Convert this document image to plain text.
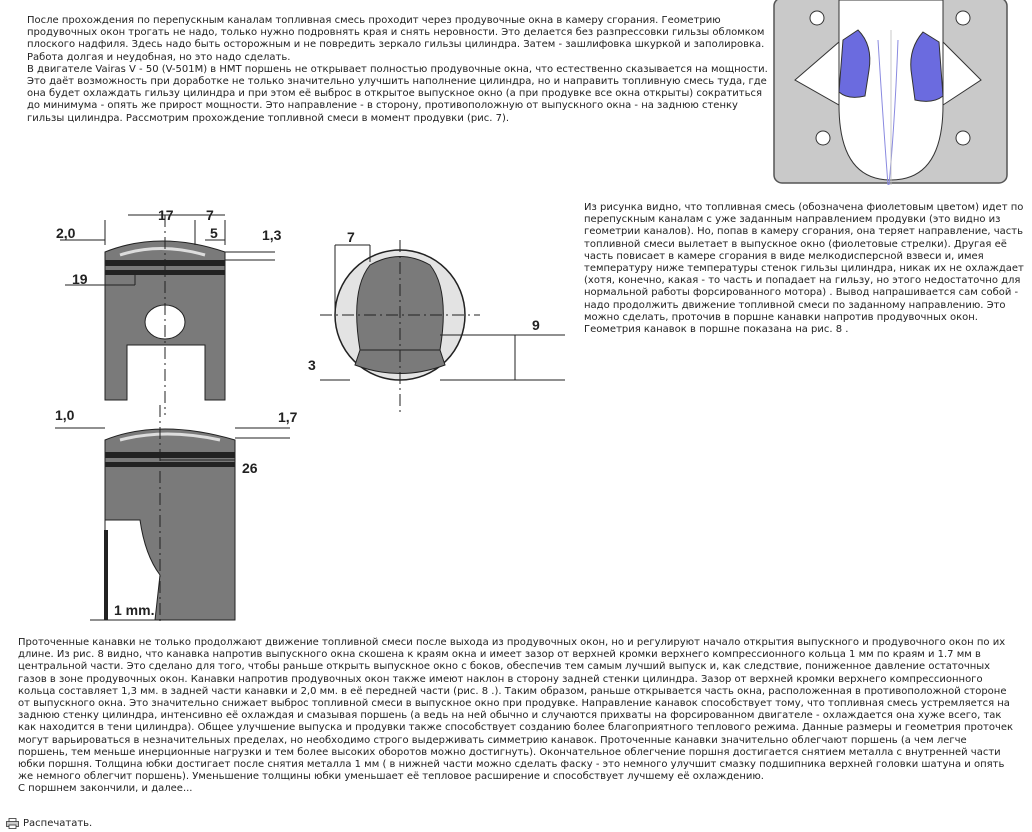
После прохождения по перепускным каналам топливная смесь проходит через продувочные окна в камеру сгорания. Геометрию продувочных окон трогать не надо, только нужно подровнять края и снять неровности. Это делается без разпрессовки гильзы обломком плоского надфиля. Здесь надо быть осторожным и не повредить зеркало гильзы цилиндра. Затем - зашлифовка шкуркой и заполировка. Работа долгая и неудобная, но это надо сделать.

В двигателе Vairas V - 50 (V-501M) в НМТ поршень не открывает полностью продувочные окна, что естественно сказывается на мощности. Это даёт возможность при доработке не только значительно улучшить наполнение цилиндра, но и направить топливную смесь туда, где она будет охлаждать гильзу цилиндра и при этом её выброс в открытое выпускное окно (а при продувке все окна открыты) сократиться до минимума - опять же прирост мощности. Это направление - в сторону, противоположную от выпускного окна - на заднюю стенку гильзы цилиндра. Рассмотрим прохождение топливной смеси в момент продувки (рис. 7).

Из рисунка видно, что топливная смесь (обозначена фиолетовым цветом) идет по перепускным каналам с уже заданным направлением продувки (это видно из геометрии каналов). Но, попав в камеру сгорания, она теряет направление, часть топливной смеси вылетает в выпускное окно (фиолетовые стрелки). Другая её часть повисает в камере сгорания в виде мелкодисперсной взвеси и, имея температуру ниже температуры стенок гильзы цилиндра, никак их не охлаждает (хотя, конечно, какая - то часть и попадает на гильзу, но этого недостаточно для нормальной работы форсированного мотора) . Вывод напрашивается сам собой - надо продолжить движение топливной смеси по заданному направлению. Это можно сделать, проточив в поршне канавки напротив продувочных окон. Геометрия канавок в поршне показана на рис. 8 .
2,0
17 7
5	1,3
19
7
9
3
1,0	1,7
26
1 mm.

Проточенные канавки не только продолжают движение топливной смеси после выхода из продувочных окон, но и регулируют начало открытия выпускного и продувочного окон по их длине. Из рис. 8 видно, что канавка напротив выпускного окна скошена к краям окна и имеет зазор от верхней кромки верхнего компрессионного кольца 1 мм по краям и 1.7 мм в центральной части. Это сделано для того, чтобы раньше открыть выпускное окно с боков, обеспечив тем самым лучший выпуск и, как следствие, пониженное давление остаточных газов в зоне продувочных окон. Канавки напротив продувочных окон также имеют наклон в сторону задней стенки цилиндра. Зазор от верхней кромки верхнего компрессионного кольца составляет 1,3 мм. в задней части канавки и 2,0 мм. в её передней части (рис. 8 .). Таким образом, раньше открывается часть окна, расположенная в противоположной стороне от выпускного окна. Это значительно снижает выброс топливной смеси в выпускное окно при продувке. Направление канавок способствует тому, что топливная смесь устремляется на заднюю стенку цилиндра, интенсивно её охлаждая и смазывая поршень (а ведь на ней обычно и случаются прихваты на форсированном двигателе - охлаждается она хуже всего, так как находится в тени цилиндра). Общее улучшение выпуска и продувки также способствует созданию более благоприятного теплового режима. Данные размеры и геометрия проточек могут варьироваться в незначительных пределах, но необходимо строго выдерживать симметрию канавок. Проточенные канавки значительно облегчают поршень (а чем легче поршень, тем меньше инерционные нагрузки и тем более высоких оборотов можно достигнуть). Окончательное облегчение поршня достигается снятием металла с внутренней части юбки поршня. Толщина юбки достигает после снятия металла 1 мм ( в нижней части можно сделать фаску - это немного улучшит смазку подшипника верхней головки шатуна и опять же немного облегчит поршень). Уменьшение толщины юбки уменьшает её тепловое расширение и способствует лучшему её охлаждению.

С поршнем закончили, и далее...

Распечатать.
